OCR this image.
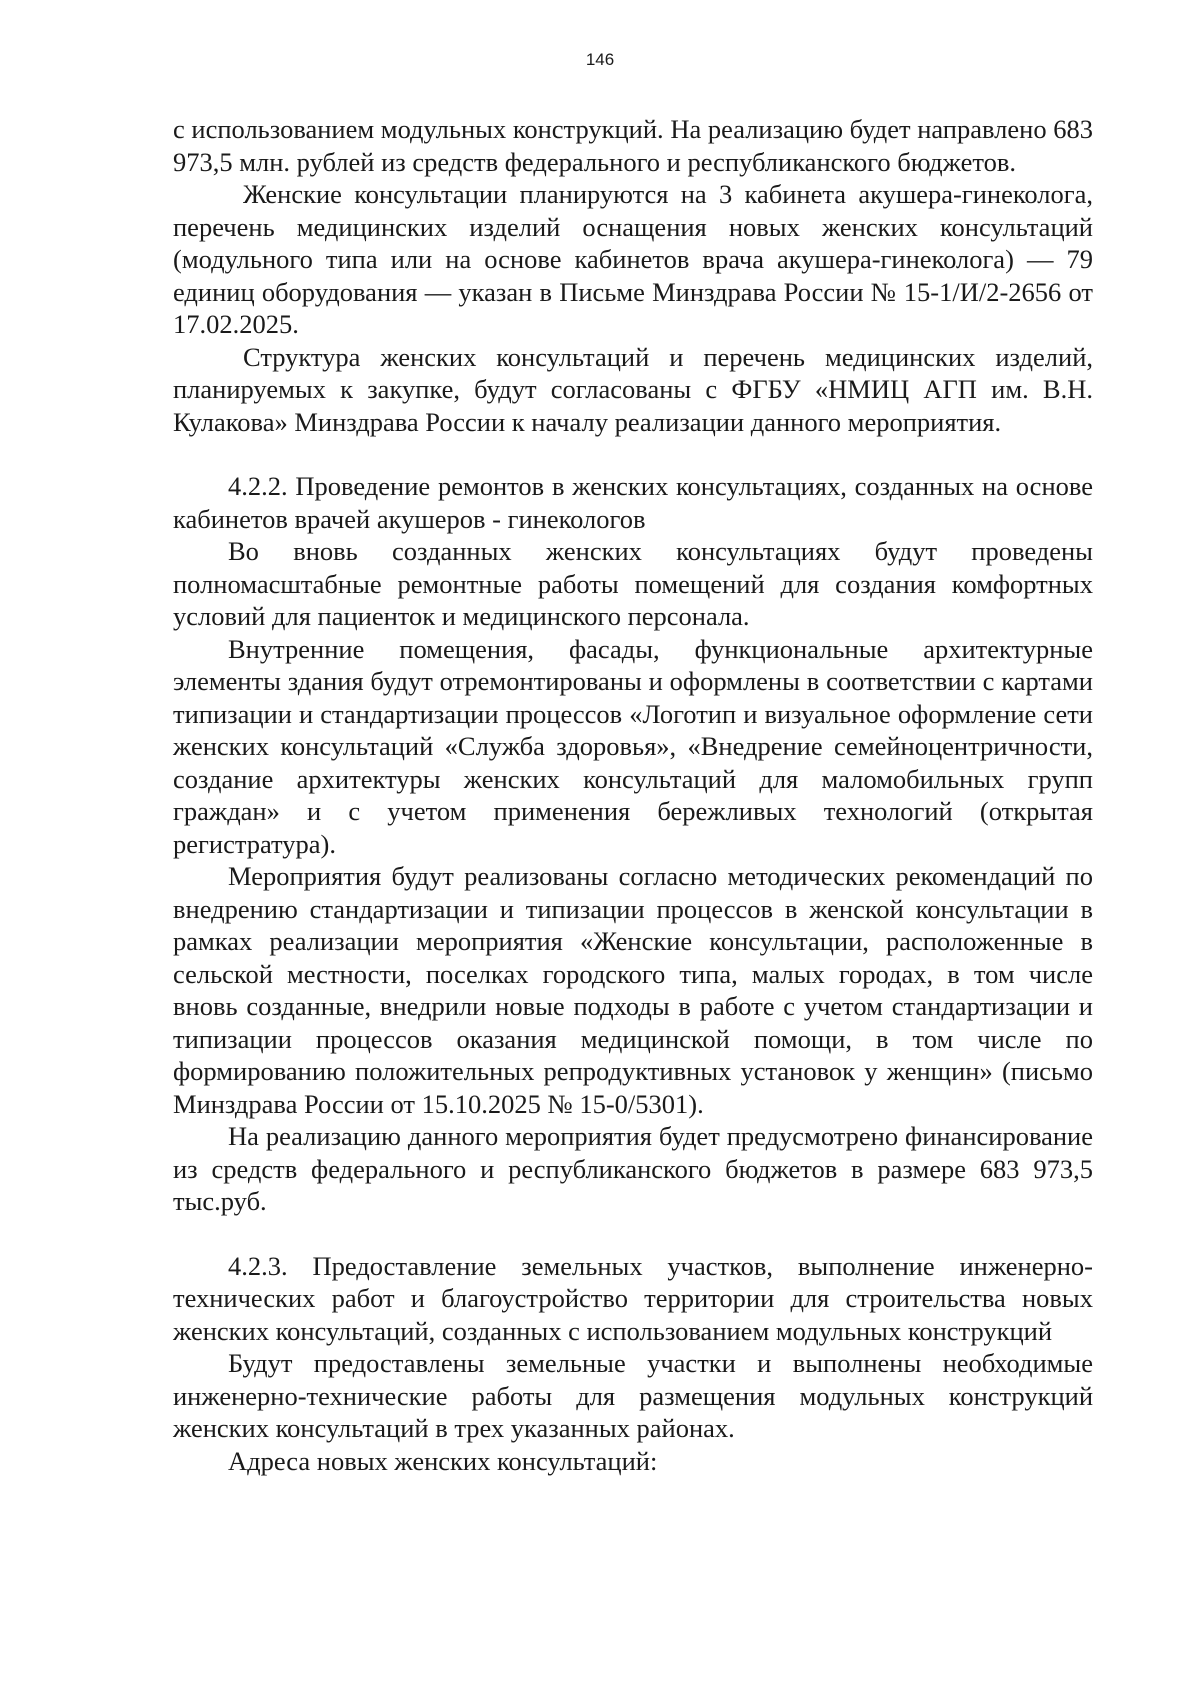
146

с использованием модульных конструкций. На реализацию будет направлено 683 973,5 млн. рублей из средств федерального и республиканского бюджетов.

Женские консультации планируются на 3 кабинета акушера-гинеколога, перечень медицинских изделий оснащения новых женских консультаций (модульного типа или на основе кабинетов врача акушера-гинеколога) — 79 единиц оборудования — указан в Письме Минздрава России № 15-1/И/2-2656 от 17.02.2025.

Структура женских консультаций и перечень медицинских изделий, планируемых к закупке, будут согласованы с ФГБУ «НМИЦ АГП им. В.Н. Кулакова» Минздрава России к началу реализации данного мероприятия.

4.2.2. Проведение ремонтов в женских консультациях, созданных на основе кабинетов врачей акушеров - гинекологов

Во вновь созданных женских консультациях будут проведены полномасштабные ремонтные работы помещений для создания комфортных условий для пациенток и медицинского персонала.

Внутренние помещения, фасады, функциональные архитектурные элементы здания будут отремонтированы и оформлены в соответствии с картами типизации и стандартизации процессов «Логотип и визуальное оформление сети женских консультаций «Служба здоровья», «Внедрение семейноцентричности, создание архитектуры женских консультаций для маломобильных групп граждан» и с учетом применения бережливых технологий (открытая регистратура).

Мероприятия будут реализованы согласно методических рекомендаций по внедрению стандартизации и типизации процессов в женской консультации в рамках реализации мероприятия «Женские консультации, расположенные в сельской местности, поселках городского типа, малых городах, в том числе вновь созданные, внедрили новые подходы в работе с учетом стандартизации и типизации процессов оказания медицинской помощи, в том числе по формированию положительных репродуктивных установок у женщин» (письмо Минздрава России от 15.10.2025 № 15-0/5301).

На реализацию данного мероприятия будет предусмотрено финансирование из средств федерального и республиканского бюджетов в размере 683 973,5 тыс.руб.

4.2.3. Предоставление земельных участков, выполнение инженерно-технических работ и благоустройство территории для строительства новых женских консультаций, созданных с использованием модульных конструкций

Будут предоставлены земельные участки и выполнены необходимые инженерно-технические работы для размещения модульных конструкций женских консультаций в трех указанных районах.

Адреса новых женских консультаций:
